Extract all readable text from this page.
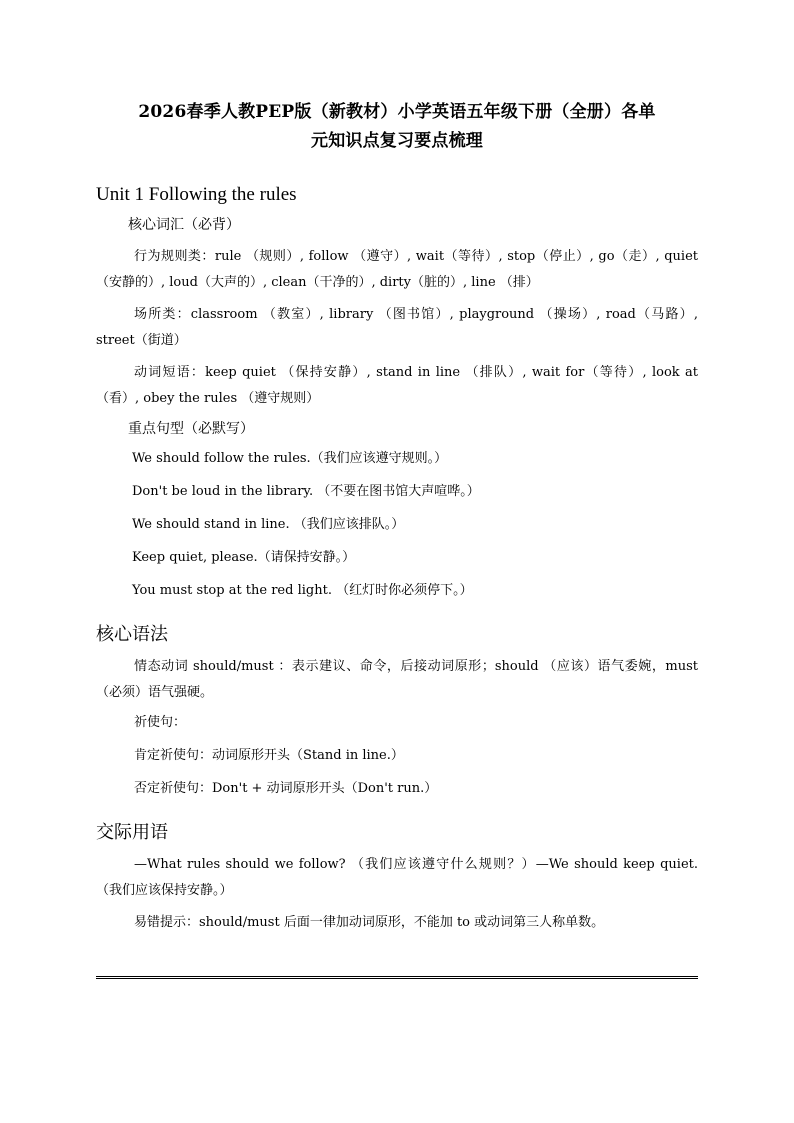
2026春季人教PEP版（新教材）小学英语五年级下册（全册）各单
元知识点复习要点梳理
Unit 1 Following the rules
核心词汇（必背）

行为规则类：rule （规则）, follow （遵守）, wait（等待）, stop（停止）, go（走）, quiet（安静的）, loud（大声的）, clean（干净的）, dirty（脏的）, line （排）

场所类：classroom （教室）, library （图书馆）, playground （操场）, road（马路）, street（街道）

动词短语：keep quiet （保持安静）, stand in line （排队）, wait for（等待）, look at（看）, obey the rules （遵守规则）

重点句型（必默写）
We should follow the rules.（我们应该遵守规则。）
Don't be loud in the library. （不要在图书馆大声喧哗。）
We should stand in line. （我们应该排队。）
Keep quiet, please.（请保持安静。）
You must stop at the red light. （红灯时你必须停下。）
核心语法

情态动词 should/must ：表示建议、命令，后接动词原形；should （应该）语气委婉，must （必须）语气强硬。

祈使句：
肯定祈使句：动词原形开头（Stand in line.）
否定祈使句：Don't + 动词原形开头（Don't run.）
交际用语

—What rules should we follow? （我们应该遵守什么规则？）—We should keep quiet.（我们应该保持安静。）

易错提示：should/must 后面一律加动词原形，不能加 to 或动词第三人称单数。
